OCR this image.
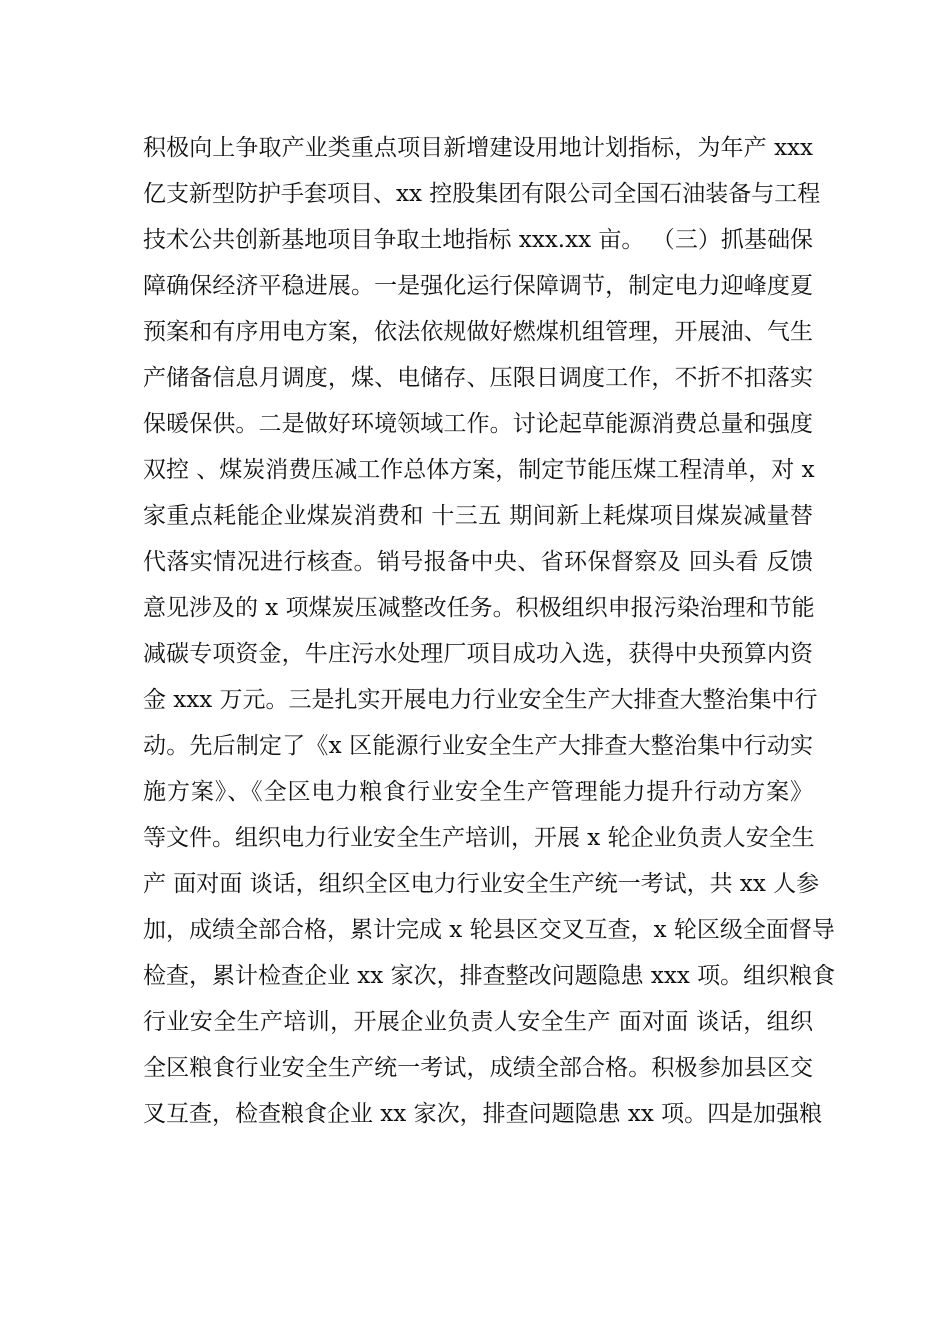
积极向上争取产业类重点项目新增建设用地计划指标，为年产 xxx
亿支新型防护手套项目、xx 控股集团有限公司全国石油装备与工程
技术公共创新基地项目争取土地指标 xxx.xx 亩。 （三）抓基础保
障确保经济平稳进展。一是强化运行保障调节，制定电力迎峰度夏
预案和有序用电方案，依法依规做好燃煤机组管理，开展油、气生
产储备信息月调度，煤、电储存、压限日调度工作，不折不扣落实
保暖保供。二是做好环境领域工作。讨论起草能源消费总量和强度
双控 、煤炭消费压减工作总体方案，制定节能压煤工程清单，对 x
家重点耗能企业煤炭消费和 十三五 期间新上耗煤项目煤炭减量替
代落实情况进行核查。销号报备中央、省环保督察及 回头看 反馈
意见涉及的 x 项煤炭压减整改任务。积极组织申报污染治理和节能
减碳专项资金，牛庄污水处理厂项目成功入选，获得中央预算内资
金 xxx 万元。三是扎实开展电力行业安全生产大排查大整治集中行
动。先后制定了《x 区能源行业安全生产大排查大整治集中行动实
施方案》、《全区电力粮食行业安全生产管理能力提升行动方案》
等文件。组织电力行业安全生产培训，开展 x 轮企业负责人安全生
产 面对面 谈话，组织全区电力行业安全生产统一考试，共 xx 人参
加，成绩全部合格，累计完成 x 轮县区交叉互查，x 轮区级全面督导
检查，累计检查企业 xx 家次，排查整改问题隐患 xxx 项。组织粮食
行业安全生产培训，开展企业负责人安全生产 面对面 谈话，组织
全区粮食行业安全生产统一考试，成绩全部合格。积极参加县区交
叉互查，检查粮食企业 xx 家次，排查问题隐患 xx 项。四是加强粮
